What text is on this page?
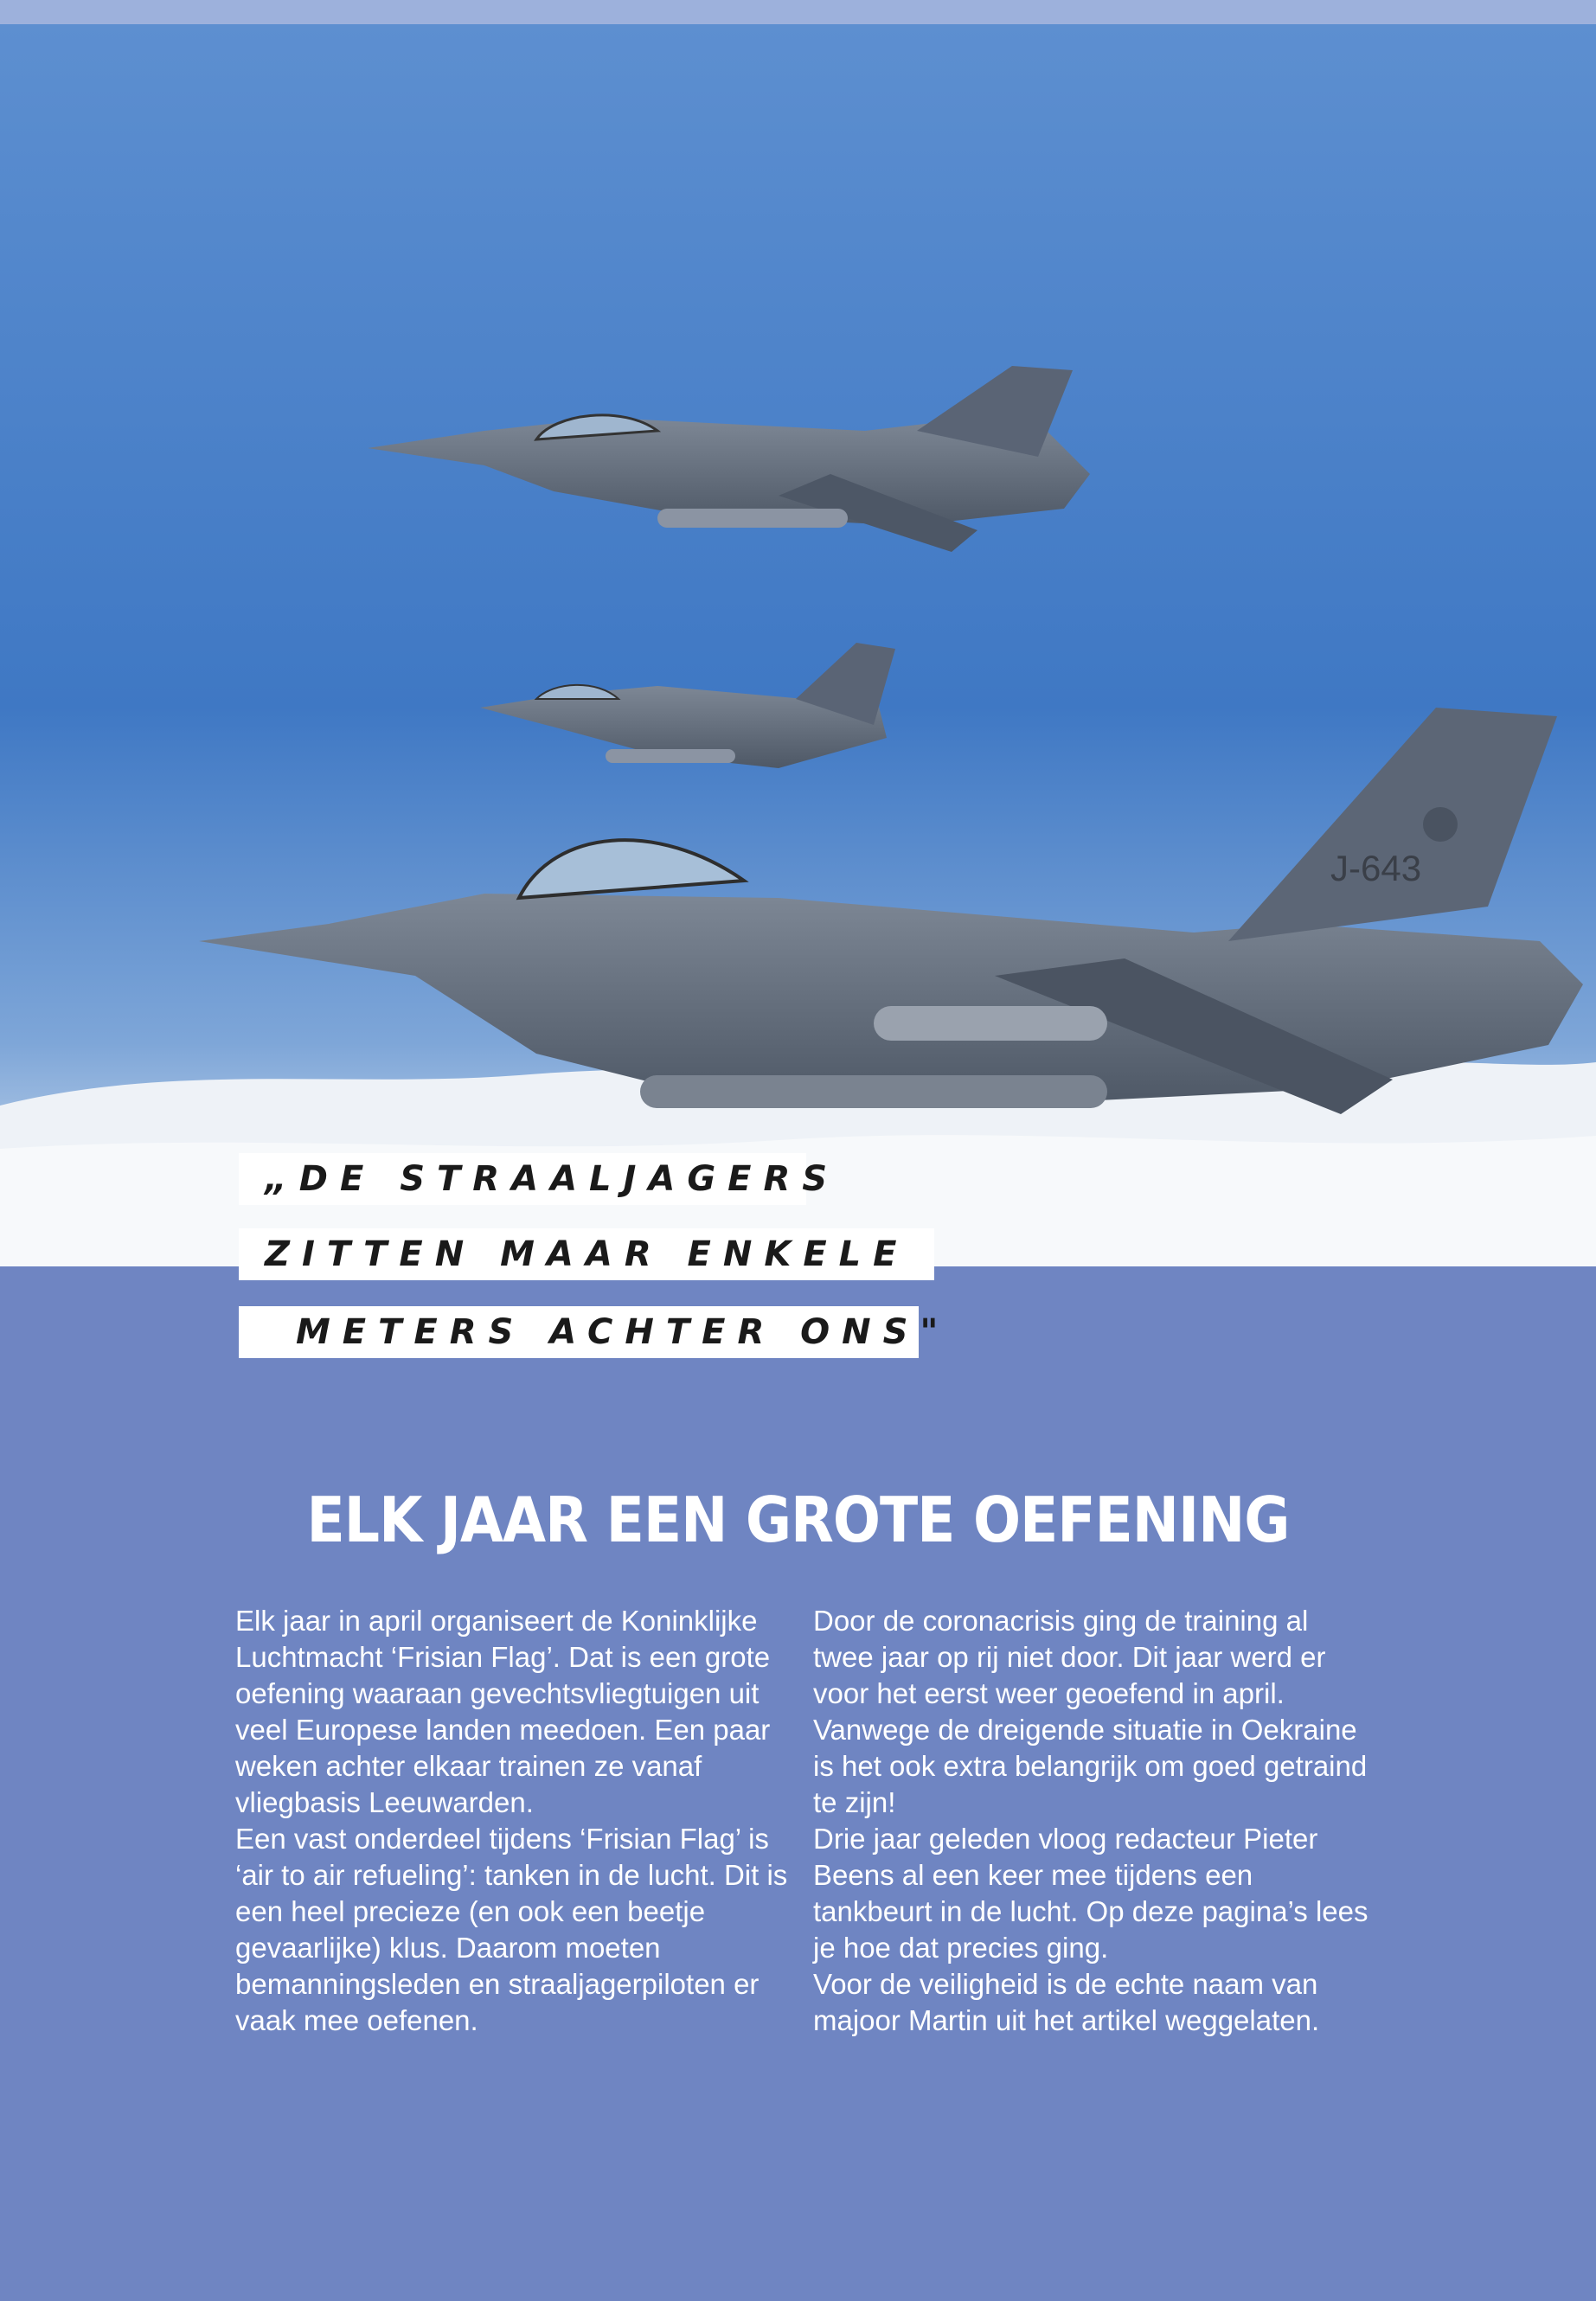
J-643
„DE STRAALJAGERS
ZITTEN MAAR ENKELE
METERS ACHTER ONS"
ELK JAAR EEN GROTE OEFENING

Elk jaar in april organiseert de Koninklijke Luchtmacht ‘Frisian Flag’. Dat is een grote oefening waaraan gevechtsvliegtuigen uit veel Europese landen meedoen. Een paar weken achter elkaar trainen ze vanaf vliegbasis Leeuwarden.

Een vast onderdeel tijdens ‘Frisian Flag’ is ‘air to air refueling’: tanken in de lucht. Dit is een heel precieze (en ook een beetje gevaarlijke) klus. Daarom moeten bemanningsleden en straaljagerpiloten er vaak mee oefenen.

Door de coronacrisis ging de training al twee jaar op rij niet door. Dit jaar werd er voor het eerst weer geoefend in april. Vanwege de dreigende situatie in Oekraine is het ook extra belangrijk om goed getraind te zijn!

Drie jaar geleden vloog redacteur Pieter Beens al een keer mee tijdens een tankbeurt in de lucht. Op deze pagina’s lees je hoe dat precies ging.

Voor de veiligheid is de echte naam van majoor Martin uit het artikel weggelaten.
